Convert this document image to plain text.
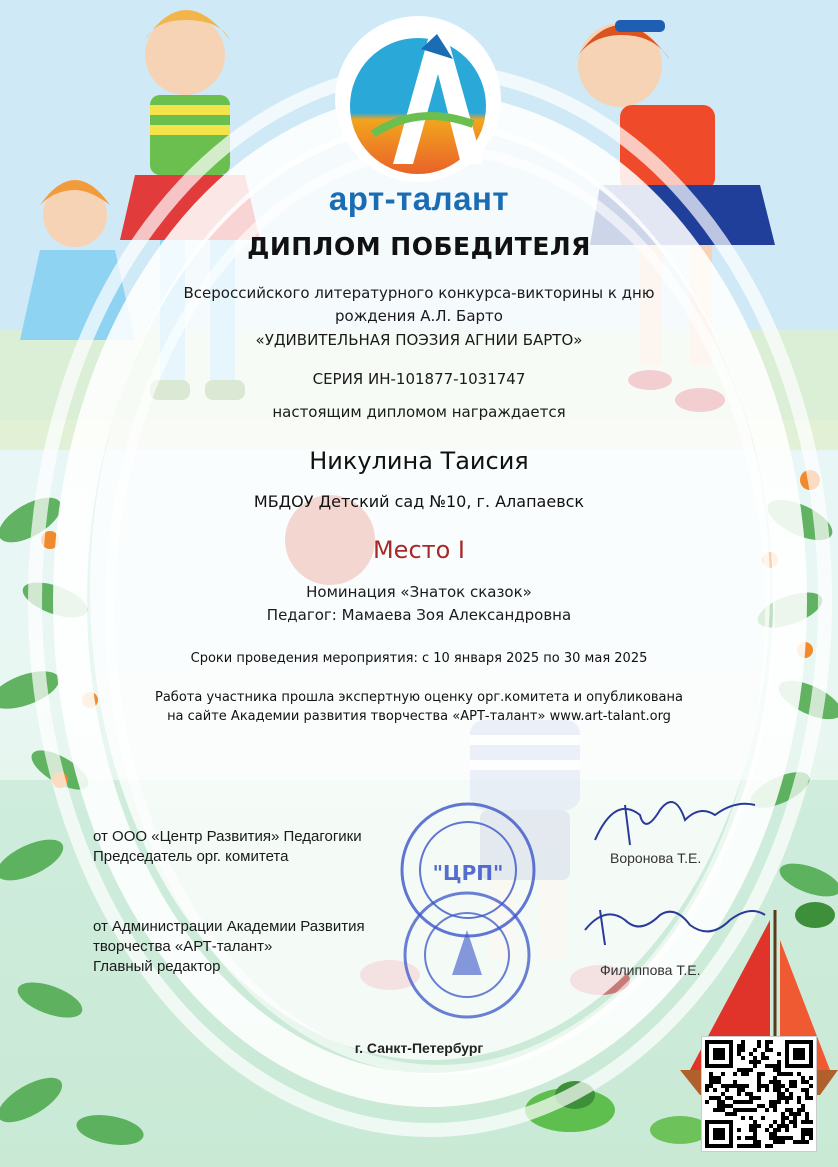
арт-талант
ДИПЛОМ ПОБЕДИТЕЛЯ
Всероссийского литературного конкурса-викторины к дню
рождения А.Л. Барто
«УДИВИТЕЛЬНАЯ ПОЭЗИЯ АГНИИ БАРТО»
СЕРИЯ ИН-101877-1031747
настоящим дипломом награждается
Никулина Таисия
МБДОУ Детский сад №10, г. Алапаевск
Место I
Номинация «Знаток сказок»
Педагог: Мамаева Зоя Александровна
Сроки проведения мероприятия: с 10 января 2025 по 30 мая 2025
Работа участника прошла экспертную оценку орг.комитета и опубликована
на сайте Академии развития творчества «АРТ-талант» www.art-talant.org
от ООО «Центр Развития» Педагогики
Председатель орг. комитета	Воронова Т.Е.
от Администрации Академии Развития
творчества «АРТ-талант»
Главный редактор	Филиппова Т.Е.
"ЦРП"
г. Санкт-Петербург
